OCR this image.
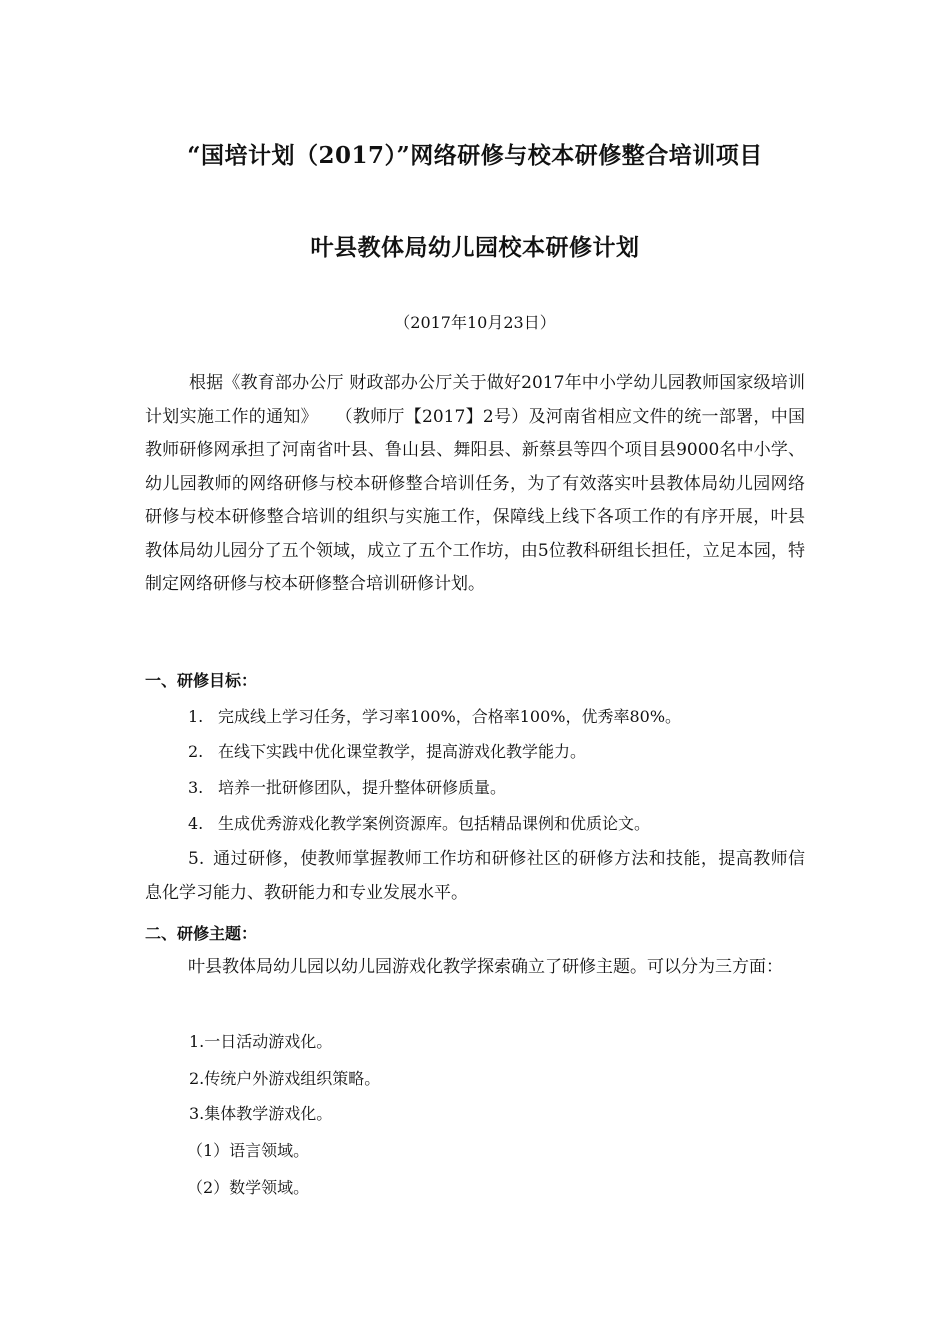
“国培计划（2017）”网络研修与校本研修整合培训项目
叶县教体局幼儿园校本研修计划
（2017年10月23日）
根据《教育部办公厅 财政部办公厅关于做好2017年中小学幼儿园教师国家级培训计划实施工作的通知》　　（教师厅【2017】2号）及河南省相应文件的统一部署，中国教师研修网承担了河南省叶县、鲁山县、舞阳县、新蔡县等四个项目县9000名中小学、幼儿园教师的网络研修与校本研修整合培训任务，为了有效落实叶县教体局幼儿园网络研修与校本研修整合培训的组织与实施工作，保障线上线下各项工作的有序开展，叶县教体局幼儿园分了五个领域，成立了五个工作坊，由5位教科研组长担任，立足本园，特制定网络研修与校本研修整合培训研修计划。
一、研修目标：
1. 完成线上学习任务，学习率100%，合格率100%，优秀率80%。
2. 在线下实践中优化课堂教学，提高游戏化教学能力。
3. 培养一批研修团队，提升整体研修质量。
4. 生成优秀游戏化教学案例资源库。包括精品课例和优质论文。
5.  通过研修，使教师掌握教师工作坊和研修社区的研修方法和技能，提高教师信息化学习能力、教研能力和专业发展水平。
二、研修主题：
叶县教体局幼儿园以幼儿园游戏化教学探索确立了研修主题。可以分为三方面：
1.一日活动游戏化。
2.传统户外游戏组织策略。
3.集体教学游戏化。
（1）语言领域。
（2）数学领域。
